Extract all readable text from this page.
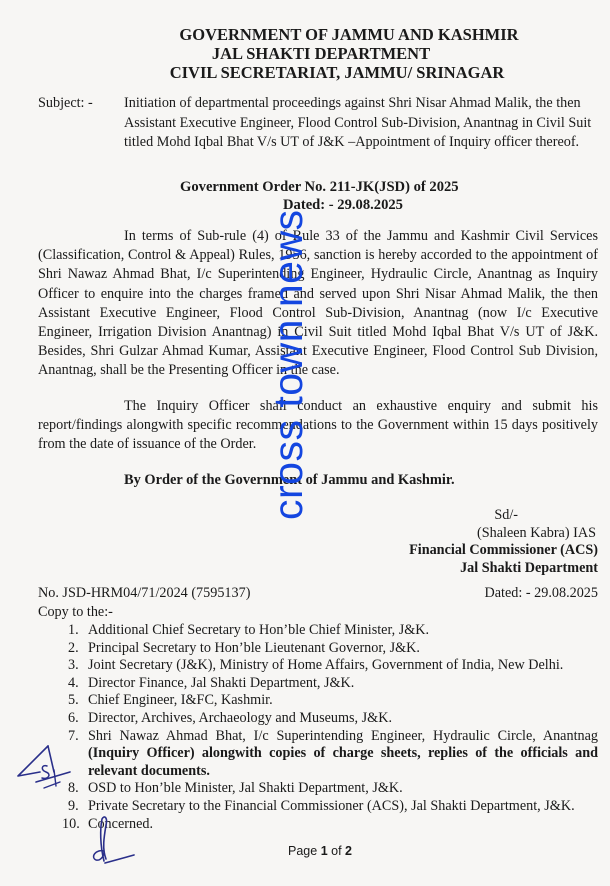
GOVERNMENT OF JAMMU AND KASHMIR
JAL SHAKTI DEPARTMENT
CIVIL SECRETARIAT, JAMMU/ SRINAGAR
Subject: - Initiation of departmental proceedings against Shri Nisar Ahmad Malik, the then Assistant Executive Engineer, Flood Control Sub-Division, Anantnag in Civil Suit titled Mohd Iqbal Bhat V/s UT of J&K –Appointment of Inquiry officer thereof.
Government Order No. 211-JK(JSD) of 2025
Dated: - 29.08.2025
In terms of Sub-rule (4) of Rule 33 of the Jammu and Kashmir Civil Services (Classification, Control & Appeal) Rules, 1956, sanction is hereby accorded to the appointment of Shri Nawaz Ahmad Bhat, I/c Superintending Engineer, Hydraulic Circle, Anantnag as Inquiry Officer to enquire into the charges framed and served upon Shri Nisar Ahmad Malik, the then Assistant Executive Engineer, Flood Control Sub-Division, Anantnag (now I/c Executive Engineer, Irrigation Division Anantnag) in Civil Suit titled Mohd Iqbal Bhat V/s UT of J&K. Besides, Shri Gulzar Ahmad Kumar, Assistant Executive Engineer, Flood Control Sub Division, Anantnag, shall be the Presenting Officer in the case.
The Inquiry Officer shall conduct an exhaustive enquiry and submit his report/findings alongwith specific recommendations to the Government within 15 days positively from the date of issuance of the Order.
By Order of the Government of Jammu and Kashmir.
Sd/-
(Shaleen Kabra) IAS
Financial Commissioner (ACS)
Jal Shakti Department
No. JSD-HRM04/71/2024 (7595137)	Dated: - 29.08.2025
Copy to the:-
1. Additional Chief Secretary to Hon’ble Chief Minister, J&K.
2. Principal Secretary to Hon’ble Lieutenant Governor, J&K.
3. Joint Secretary (J&K), Ministry of Home Affairs, Government of India, New Delhi.
4. Director Finance, Jal Shakti Department, J&K.
5. Chief Engineer, I&FC, Kashmir.
6. Director, Archives, Archaeology and Museums, J&K.
7. Shri Nawaz Ahmad Bhat, I/c Superintending Engineer, Hydraulic Circle, Anantnag (Inquiry Officer) alongwith copies of charge sheets, replies of the officials and relevant documents.
8. OSD to Hon’ble Minister, Jal Shakti Department, J&K.
9. Private Secretary to the Financial Commissioner (ACS), Jal Shakti Department, J&K.
10. Concerned.
Page 1 of 2
cross town news
